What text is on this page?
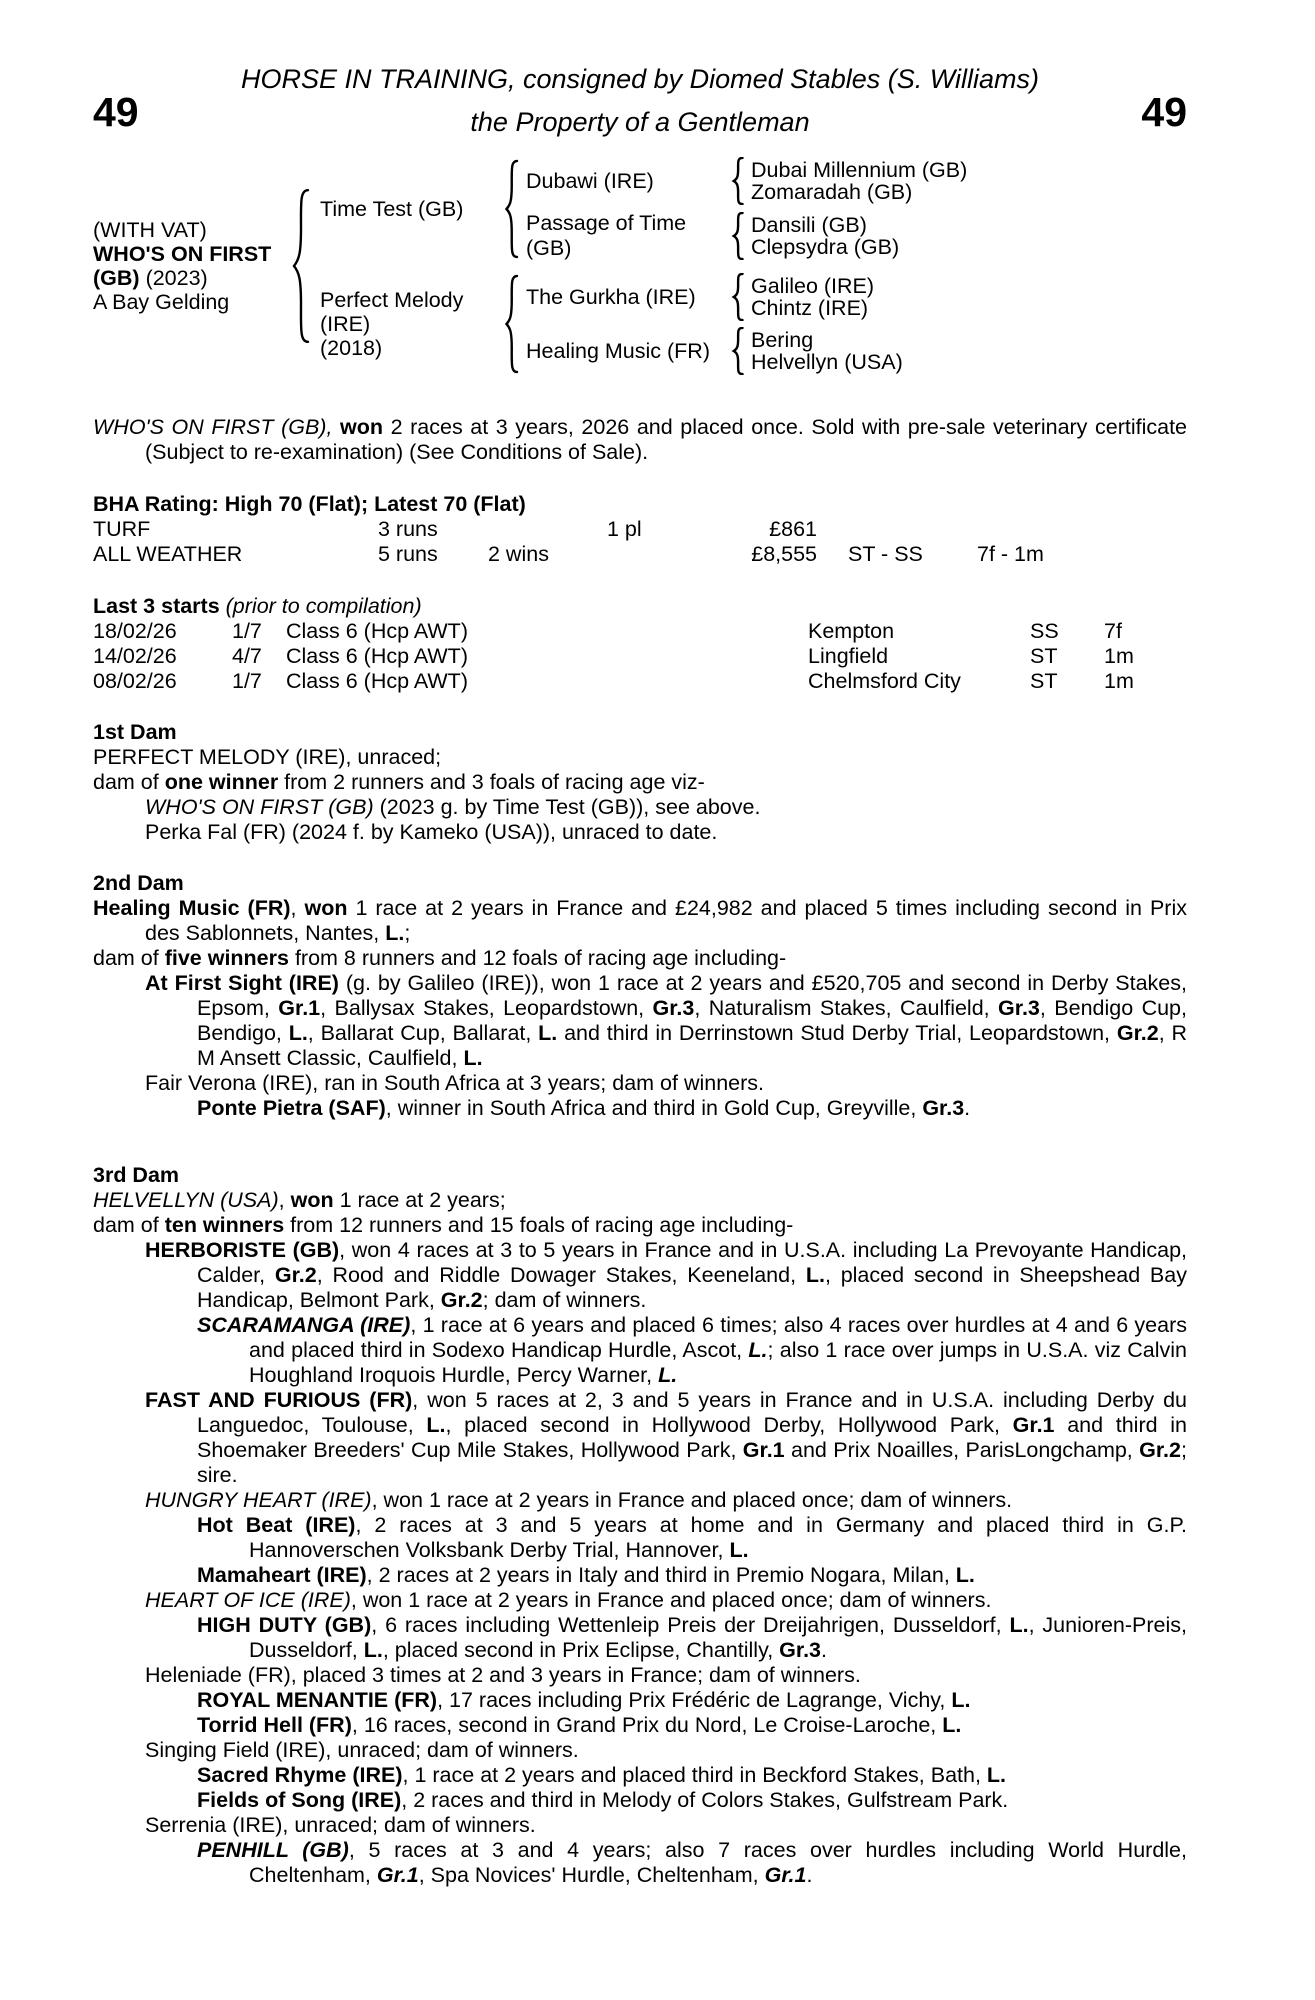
49
HORSE IN TRAINING, consigned by Diomed Stables (S. Williams)
the Property of a Gentleman	49
(WITH VAT)
WHO'S ON FIRST
(GB) (2023)
A Bay Gelding
Time Test (GB)
Dubawi (IRE)	Dubai Millennium (GB)
Zomaradah (GB)
Passage of Time (GB)
Dansili (GB)
Clepsydra (GB)
Perfect Melody (IRE)
(2018)
The Gurkha (IRE)	Galileo (IRE)
Chintz (IRE)
Healing Music (FR)	Bering
Helvellyn (USA)
WHO'S ON FIRST (GB), won 2 races at 3 years, 2026 and placed once. Sold with pre-sale veterinary certificate (Subject to re-examination) (See Conditions of Sale).
BHA Rating: High 70 (Flat); Latest 70 (Flat)
TURF	3 runs	1 pl	£861
ALL WEATHER	5 runs	2 wins	£8,555	ST - SS	7f - 1m
Last 3 starts (prior to compilation)
18/02/26	1/7	Class 6 (Hcp AWT)	Kempton	SS	7f
14/02/26	4/7	Class 6 (Hcp AWT)	Lingfield	ST	1m
08/02/26	1/7	Class 6 (Hcp AWT)	Chelmsford City	ST	1m
1st Dam
PERFECT MELODY (IRE), unraced;
dam of one winner from 2 runners and 3 foals of racing age viz-
WHO'S ON FIRST (GB) (2023 g. by Time Test (GB)), see above.
Perka Fal (FR) (2024 f. by Kameko (USA)), unraced to date.
2nd Dam
Healing Music (FR), won 1 race at 2 years in France and £24,982 and placed 5 times including second in Prix des Sablonnets, Nantes, L.;
dam of five winners from 8 runners and 12 foals of racing age including-
At First Sight (IRE) (g. by Galileo (IRE)), won 1 race at 2 years and £520,705 and second in Derby Stakes, Epsom, Gr.1, Ballysax Stakes, Leopardstown, Gr.3, Naturalism Stakes, Caulfield, Gr.3, Bendigo Cup, Bendigo, L., Ballarat Cup, Ballarat, L. and third in Derrinstown Stud Derby Trial, Leopardstown, Gr.2, R M Ansett Classic, Caulfield, L.
Fair Verona (IRE), ran in South Africa at 3 years; dam of winners.
Ponte Pietra (SAF), winner in South Africa and third in Gold Cup, Greyville, Gr.3.
3rd Dam
HELVELLYN (USA), won 1 race at 2 years;
dam of ten winners from 12 runners and 15 foals of racing age including-
HERBORISTE (GB), won 4 races at 3 to 5 years in France and in U.S.A. including La Prevoyante Handicap, Calder, Gr.2, Rood and Riddle Dowager Stakes, Keeneland, L., placed second in Sheepshead Bay Handicap, Belmont Park, Gr.2; dam of winners.
SCARAMANGA (IRE), 1 race at 6 years and placed 6 times; also 4 races over hurdles at 4 and 6 years and placed third in Sodexo Handicap Hurdle, Ascot, L.; also 1 race over jumps in U.S.A. viz Calvin Houghland Iroquois Hurdle, Percy Warner, L.
FAST AND FURIOUS (FR), won 5 races at 2, 3 and 5 years in France and in U.S.A. including Derby du Languedoc, Toulouse, L., placed second in Hollywood Derby, Hollywood Park, Gr.1 and third in Shoemaker Breeders' Cup Mile Stakes, Hollywood Park, Gr.1 and Prix Noailles, ParisLongchamp, Gr.2; sire.
HUNGRY HEART (IRE), won 1 race at 2 years in France and placed once; dam of winners.
Hot Beat (IRE), 2 races at 3 and 5 years at home and in Germany and placed third in G.P. Hannoverschen Volksbank Derby Trial, Hannover, L.
Mamaheart (IRE), 2 races at 2 years in Italy and third in Premio Nogara, Milan, L.
HEART OF ICE (IRE), won 1 race at 2 years in France and placed once; dam of winners.
HIGH DUTY (GB), 6 races including Wettenleip Preis der Dreijahrigen, Dusseldorf, L., Junioren-Preis, Dusseldorf, L., placed second in Prix Eclipse, Chantilly, Gr.3.
Heleniade (FR), placed 3 times at 2 and 3 years in France; dam of winners.
ROYAL MENANTIE (FR), 17 races including Prix Frédéric de Lagrange, Vichy, L.
Torrid Hell (FR), 16 races, second in Grand Prix du Nord, Le Croise-Laroche, L.
Singing Field (IRE), unraced; dam of winners.
Sacred Rhyme (IRE), 1 race at 2 years and placed third in Beckford Stakes, Bath, L.
Fields of Song (IRE), 2 races and third in Melody of Colors Stakes, Gulfstream Park.
Serrenia (IRE), unraced; dam of winners.
PENHILL (GB), 5 races at 3 and 4 years; also 7 races over hurdles including World Hurdle, Cheltenham, Gr.1, Spa Novices' Hurdle, Cheltenham, Gr.1.
